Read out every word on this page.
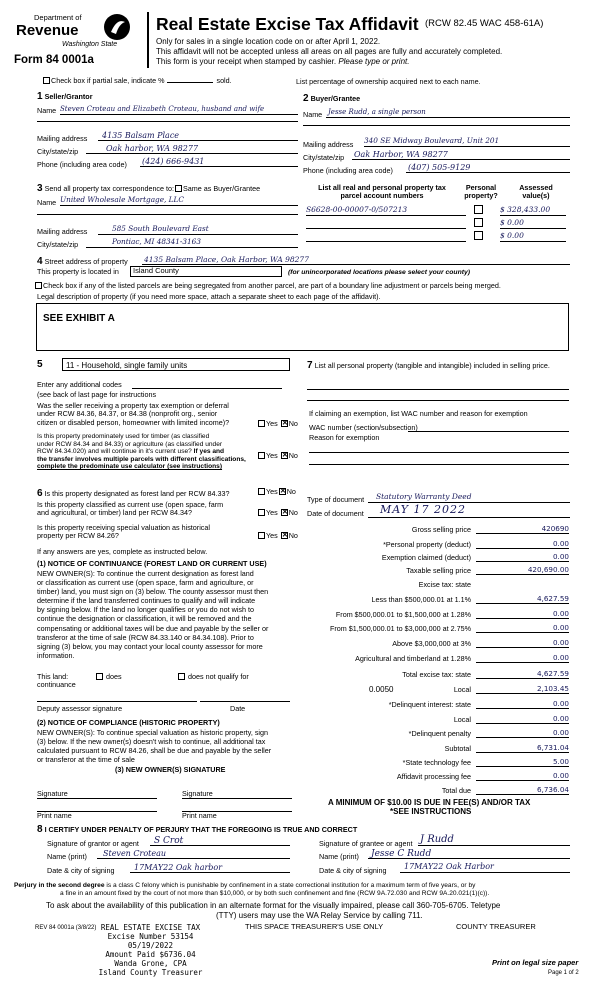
Department of
Revenue
Washington State
Form 84 0001a
Real Estate Excise Tax Affidavit (RCW 82.45 WAC 458-61A)
Only for sales in a single location code on or after April 1, 2022.
This affidavit will not be accepted unless all areas on all pages are fully and accurately completed.
This form is your receipt when stamped by cashier. Please type or print.
Check box if partial sale, indicate %	sold.	List percentage of ownership acquired next to each name.
1 Seller/Grantor
Name Steven Croteau and Elizabeth Croteau, husband and wife
Mailing address	4135 Balsam Place
City/state/zip	Oak harbor, WA 98277
Phone (including area code) (424) 666-9431
2 Buyer/Grantee
Name Jesse Rudd, a single person
Mailing address 340 SE Midway Boulevard, Unit 201
City/state/zip Oak Harbor, WA 98277
Phone (including area code) (407) 505-9129
3 Send all property tax correspondence to: Same as Buyer/Grantee
Name United Wholesale Mortgage, LLC
Mailing address	585 South Boulevard East
City/state/zip	Pontiac, MI 48341-3163
List all real and personal property tax
parcel account numbers
Personal
property?
Assessed
value(s)
S6628-00-00007-0/507213	$ 328,433.00
$ 0.00
$ 0.00
4 Street address of property 4135 Balsam Place, Oak Harbor, WA 98277
This property is located in	Island County	(for unincorporated locations please select your county)
Check box if any of the listed parcels are being segregated from another parcel, are part of a boundary line adjustment or parcels being merged.
Legal description of property (if you need more space, attach a separate sheet to each page of the affidavit).
SEE EXHIBIT A
5	11 - Household, single family units
Enter any additional codes
(see back of last page for instructions
Was the seller receiving a property tax exemption or deferral
under RCW 84.36, 84.37, or 84.38 (nonprofit org., senior
citizen or disabled person, homeowner with limited income)?	Yes ✕ No
Is this property predominately used for timber (as classified
under RCW 84.34 and 84.33) or agriculture (as classified under
RCW 84.34.020) and will continue in it's current use? If yes and
the transfer involves multiple parcels with different classifications,
complete the predominate use calculator (see instructions)
Yes ✕ No
7 List all personal property (tangible and intangible) included in selling price.
If claiming an exemption, list WAC number and reason for exemption
WAC number (section/subsection)
Reason for exemption
6 Is this property designated as forest land per RCW 84.33?	Yes ✕ No
Is this property classified as current use (open space, farm
and agricultural, or timber) land per RCW 84.34?	Yes ✕ No
Is this property receiving special valuation as historical
property per RCW 84.26?	Yes ✕ No
If any answers are yes, complete as instructed below.
(1) NOTICE OF CONTINUANCE (FOREST LAND OR CURRENT USE)
NEW OWNER(S): To continue the current designation as forest land
or classification as current use (open space, farm and agriculture, or
timber) land, you must sign on (3) below. The county assessor must then
determine if the land transferred continues to qualify and will indicate
by signing below. If the land no longer qualifies or you do not wish to
continue the designation or classification, it will be removed and the
compensating or additional taxes will be due and payable by the seller or
transferor at the time of sale (RCW 84.33.140 or 84.34.108). Prior to
signing (3) below, you may contact your local county assessor for more
information.
This land:
continuance
does	does not qualify for
Deputy assessor signature	Date
(2) NOTICE OF COMPLIANCE (HISTORIC PROPERTY)
NEW OWNER(S): To continue special valuation as historic property, sign
(3) below. If the new owner(s) doesn't wish to continue, all additional tax
calculated pursuant to RCW 84.26, shall be due and payable by the seller
or transferor at the time of sale
(3) NEW OWNER(S) SIGNATURE
Signature	Signature
Print name	Print name
Type of document	Statutory Warranty Deed
Date of document	MAY 17 2022
Gross selling price	420690
*Personal property (deduct)	0.00
Exemption claimed (deduct)	0.00
Taxable selling price	420,690.00
Excise tax: state
Less than $500,000.01 at 1.1%	4,627.59
From $500,000.01 to $1,500,000 at 1.28%	0.00
From $1,500,000.01 to $3,000,000 at 2.75%	0.00
Above $3,000,000 at 3%	0.00
Agricultural and timberland at 1.28%	0.00
Total excise tax: state	4,627.59
Local	2,103.45
*Delinquent interest: state	0.00
Local	0.00
*Delinquent penalty	0.00
Subtotal	6,731.04
*State technology fee	5.00
Affidavit processing fee	0.00
Total due	6,736.04
0.0050
A MINIMUM OF $10.00 IS DUE IN FEE(S) AND/OR TAX
*SEE INSTRUCTIONS
8 I CERTIFY UNDER PENALTY OF PERJURY THAT THE FOREGOING IS TRUE AND CORRECT
Signature of grantor or agent	S Crot	Signature of grantee or agent J Rudd
Name (print)	Steven Croteau	Name (print)	Jesse C Rudd
Date & city of signing	17MAY22 Oak harbor	Date & city of signing	17MAY22 Oak Harbor
Perjury in the second degree is a class C felony which is punishable by confinement in a state correctional institution for a maximum term of five years, or by
a fine in an amount fixed by the court of not more than $10,000, or by both such confinement and fine (RCW 9A.72.030 and RCW 9A.20.021(1)(c)).
To ask about the availability of this publication in an alternate format for the visually impaired, please call 360-705-6705. Teletype
(TTY) users may use the WA Relay Service by calling 711.
REV 84 0001a (3/8/22) REAL ESTATE EXCISE TAX
Excise Number 53154
05/19/2022
Amount Paid $6736.04
Wanda Grone, CPA
Island County Treasurer
THIS SPACE TREASURER'S USE ONLY	COUNTY TREASURER
Print on legal size paper
Page 1 of 2
